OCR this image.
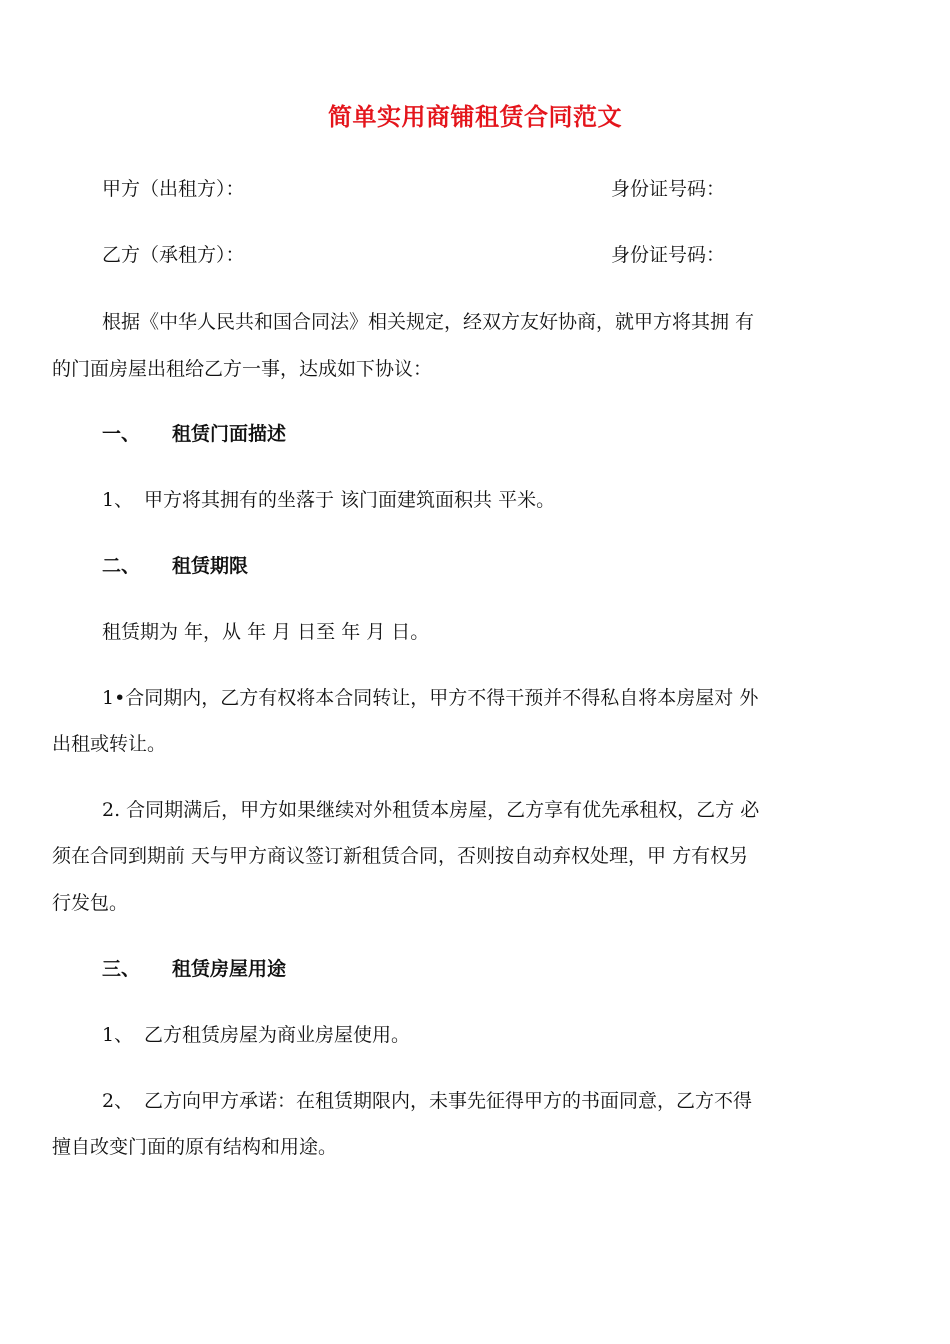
简单实用商铺租赁合同范文
甲方（出租方）：	身份证号码：
乙方（承租方）：	身份证号码：
根据《中华人民共和国合同法》相关规定，经双方友好协商，就甲方将其拥 有
的门面房屋出租给乙方一事，达成如下协议：
一、 租赁门面描述
1、 甲方将其拥有的坐落于 该门面建筑面积共 平米。
二、 租赁期限
租赁期为 年，从 年 月 日至 年 月 日。
1•合同期内，乙方有权将本合同转让，甲方不得干预并不得私自将本房屋对 外
出租或转让。
2. 合同期满后，甲方如果继续对外租赁本房屋，乙方享有优先承租权，乙方 必
须在合同到期前 天与甲方商议签订新租赁合同，否则按自动弃权处理，甲 方有权另
行发包。
三、 租赁房屋用途
1、 乙方租赁房屋为商业房屋使用。
2、 乙方向甲方承诺：在租赁期限内，未事先征得甲方的书面同意，乙方不得
擅自改变门面的原有结构和用途。
